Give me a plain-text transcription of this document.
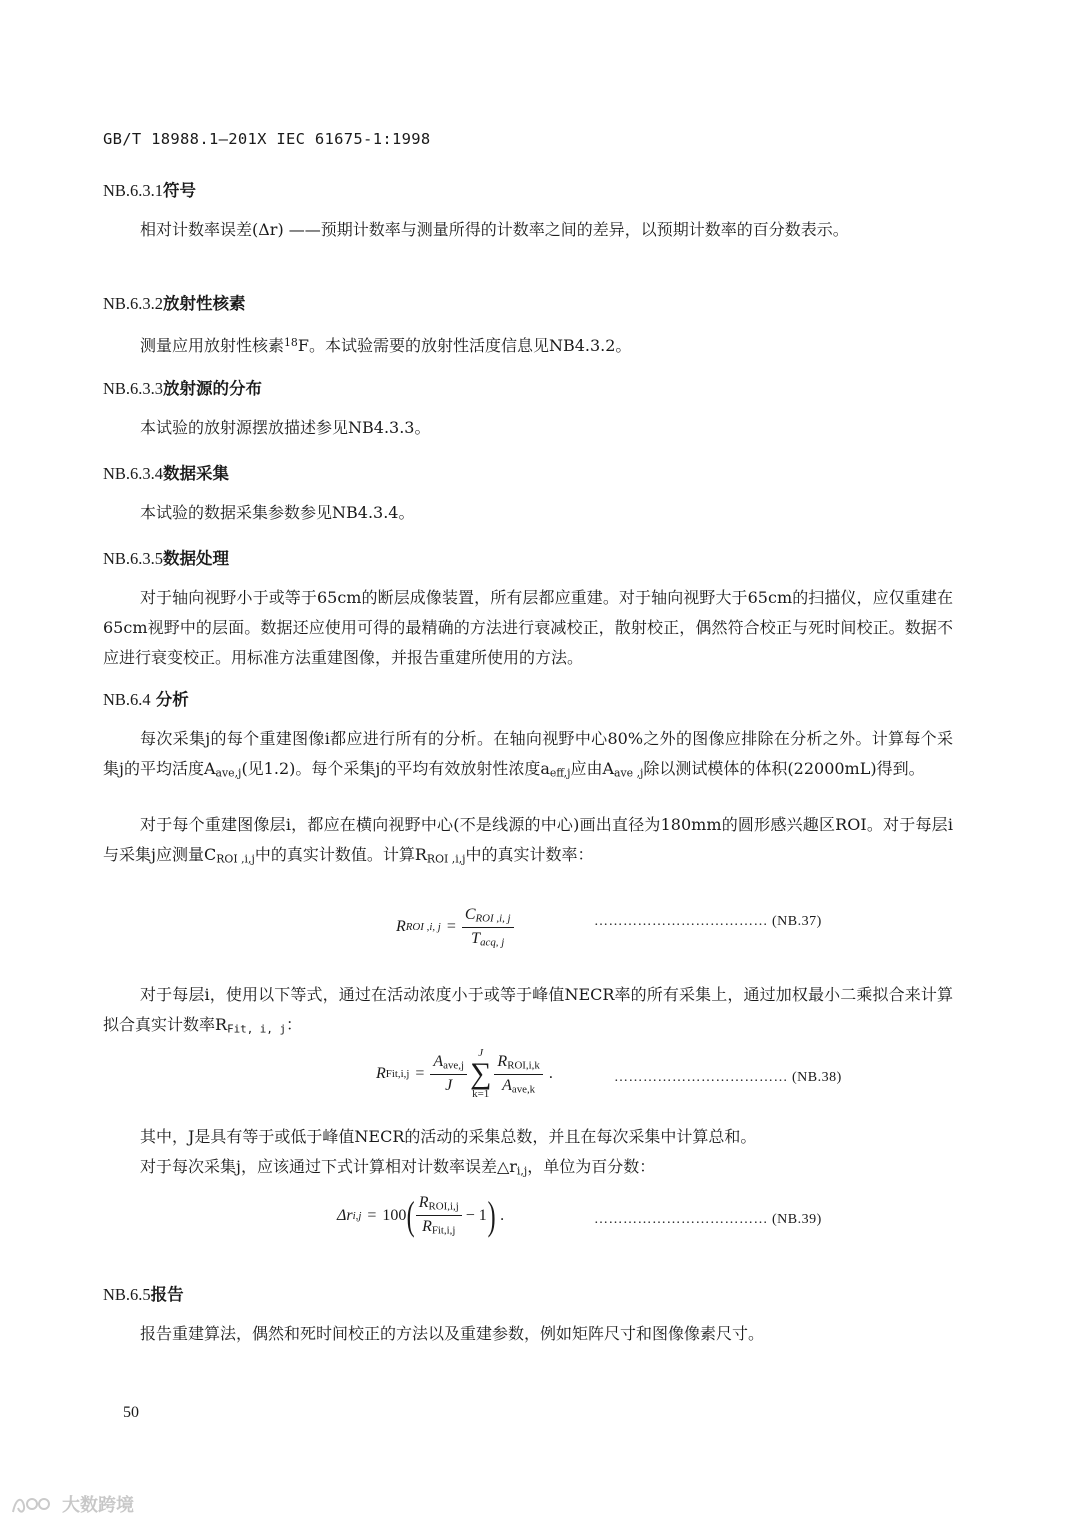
GB/T 18988.1—201X IEC 61675-1:1998
NB.6.3.1符号
相对计数率误差(Δr) ——预期计数率与测量所得的计数率之间的差异，以预期计数率的百分数表示。
NB.6.3.2放射性核素
测量应用放射性核素$^{18}$F。本试验需要的放射性活度信息见NB4.3.2。
NB.6.3.3放射源的分布
本试验的放射源摆放描述参见NB4.3.3。
NB.6.3.4数据采集
本试验的数据采集参数参见NB4.3.4。
NB.6.3.5数据处理
对于轴向视野小于或等于65cm的断层成像装置，所有层都应重建。对于轴向视野大于65cm的扫描仪，应仅重建在65cm视野中的层面。数据还应使用可得的最精确的方法进行衰减校正，散射校正，偶然符合校正与死时间校正。数据不应进行衰变校正。用标准方法重建图像，并报告重建所使用的方法。
NB.6.4 分析
每次采集j的每个重建图像i都应进行所有的分析。在轴向视野中心80%之外的图像应排除在分析之外。计算每个采集j的平均活度$A_{ave,j}$(见1.2)。每个采集j的平均有效放射性浓度$a_{eff,j}$应由$A_{ave ,j}$除以测试模体的体积(22000mL)得到。
对于每个重建图像层i，都应在横向视野中心(不是线源的中心)画出直径为180mm的圆形感兴趣区ROI。对于每层i与采集j应测量$C_{ROI ,i,j}$中的真实计数值。计算$R_{ROI ,i,j}$中的真实计数率：
R ROI ,i, $j = \frac{C_{ROI ,i, j}}{T_{acq, j}}$	……………………………… (NB.37)
对于每层i，使用以下等式，通过在活动浓度小于或等于峰值NECR率的所有采集上，通过加权最小二乘拟合来计算拟合真实计数率$R_{Fit, i, j}$：
R $Fit,i,j = \frac{A_{ave,j}}{J}$
J
∑
$k=1 \frac{R_{ROI,i,k}}{A_{ave,k}}$ .	……………………………… (NB.38)
其中，J是具有等于或低于峰值NECR的活动的采集总数，并且在每次采集中计算总和。
对于每次采集j，应该通过下式计算相对计数率误差$\triangle r_{i,j}$，单位为百分数：
Δr i,j = 100 ( $\frac{R_{ROI,i,j}}{R_{Fit,i,j}} - 1$ ) .	……………………………… (NB.39)
NB.6.5报告
报告重建算法，偶然和死时间校正的方法以及重建参数，例如矩阵尺寸和图像像素尺寸。
50
大数跨境
